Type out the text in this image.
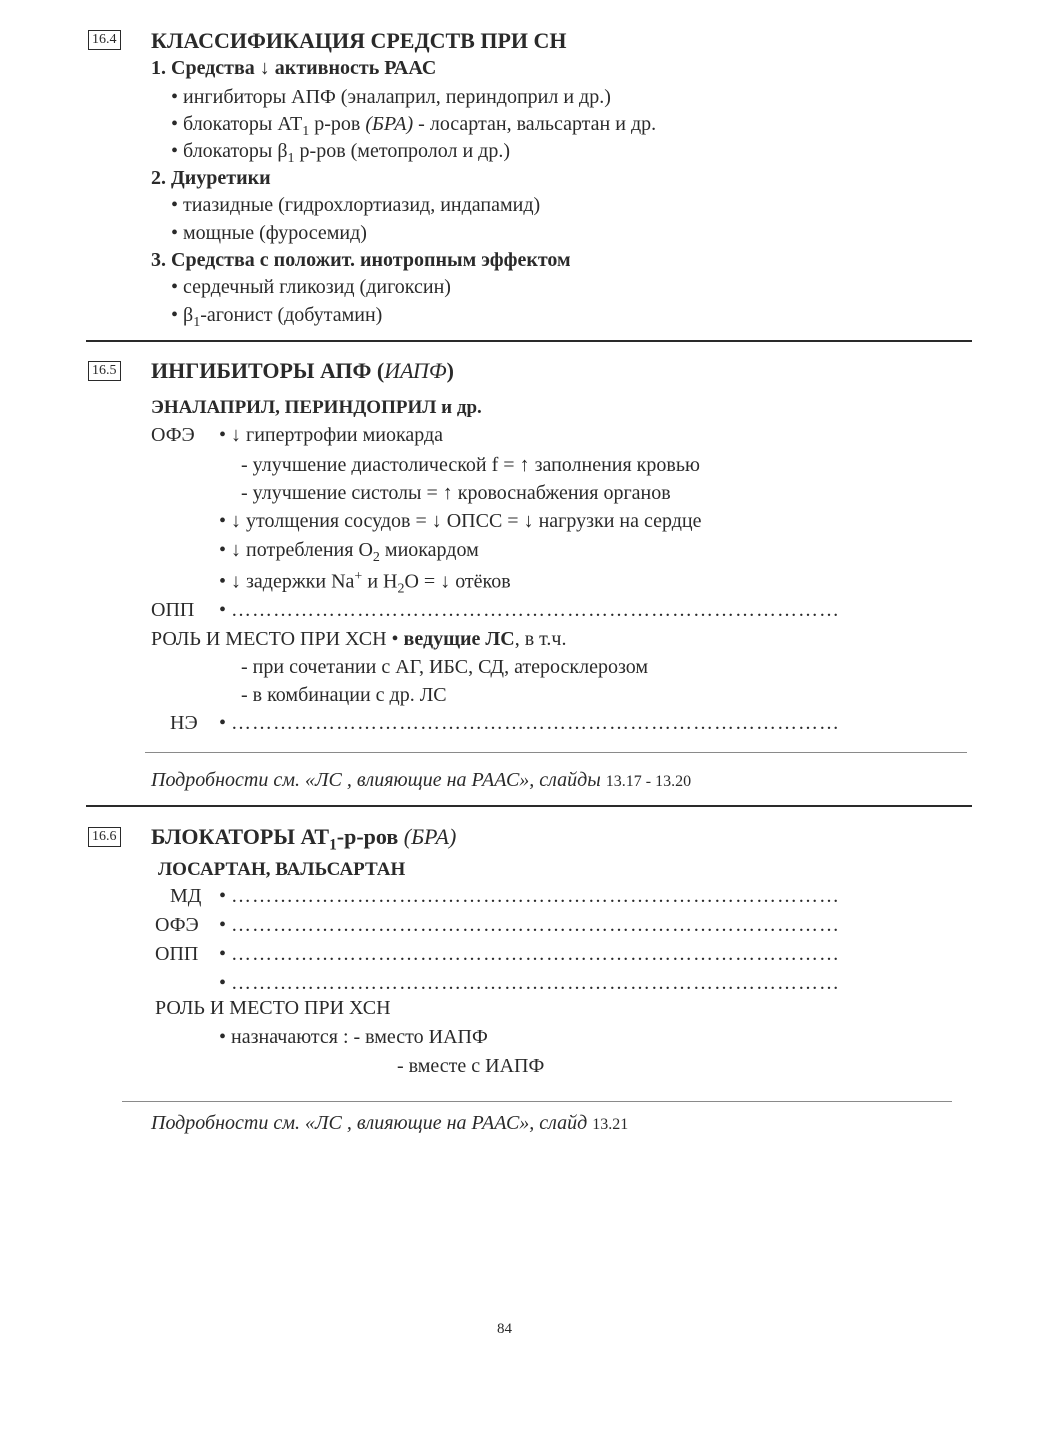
16.4 КЛАССИФИКАЦИЯ СРЕДСТВ ПРИ СН
1. Средства ↓ активность РААС
• ингибиторы АПФ (эналаприл, периндоприл и др.)
• блокаторы $АТ_1$ р-ров (БРА) - лосартан, вальсартан и др.
• блокаторы $\beta_1$ р-ров (метопролол и др.)
2. Диуретики
• тиазидные (гидрохлортиазид, индапамид)
• мощные (фуросемид)
3. Средства с положит. инотропным эффектом
• сердечный гликозид (дигоксин)
• $\beta_1$-агонист (добутамин)
16.5 ИНГИБИТОРЫ АПФ (ИАПФ)
ЭНАЛАПРИЛ, ПЕРИНДОПРИЛ и др.
ОФЭ • ↓ гипертрофии миокарда
- улучшение диастолической f = ↑ заполнения кровью
- улучшение систолы = ↑ кровоснабжения органов
• ↓ утолщения сосудов = ↓ ОПСС = ↓ нагрузки на сердце
• ↓ потребления $О_2$ миокардом
• ↓ задержки Na+ и $H_2O$ = ↓ отёков
ОПП • ……………………………………………………………………………
РОЛЬ И МЕСТО ПРИ ХСН • ведущие ЛС, в т.ч.
- при сочетании с АГ, ИБС, СД, атеросклерозом
- в комбинации с др. ЛС
НЭ • ……………………………………………………………………………
Подробности см. «ЛС , влияющие на РААС», слайды 13.17 - 13.20
16.6 БЛОКАТОРЫ $АТ_1-р$-ров (БРА)
ЛОСАРТАН, ВАЛЬСАРТАН
МД • ……………………………………………………………………………
ОФЭ • ……………………………………………………………………………
ОПП • ……………………………………………………………………………
• ……………………………………………………………………………
РОЛЬ И МЕСТО ПРИ ХСН
• назначаются : - вместо ИАПФ
- вместе с ИАПФ
Подробности см. «ЛС , влияющие на РААС», слайд 13.21
84
